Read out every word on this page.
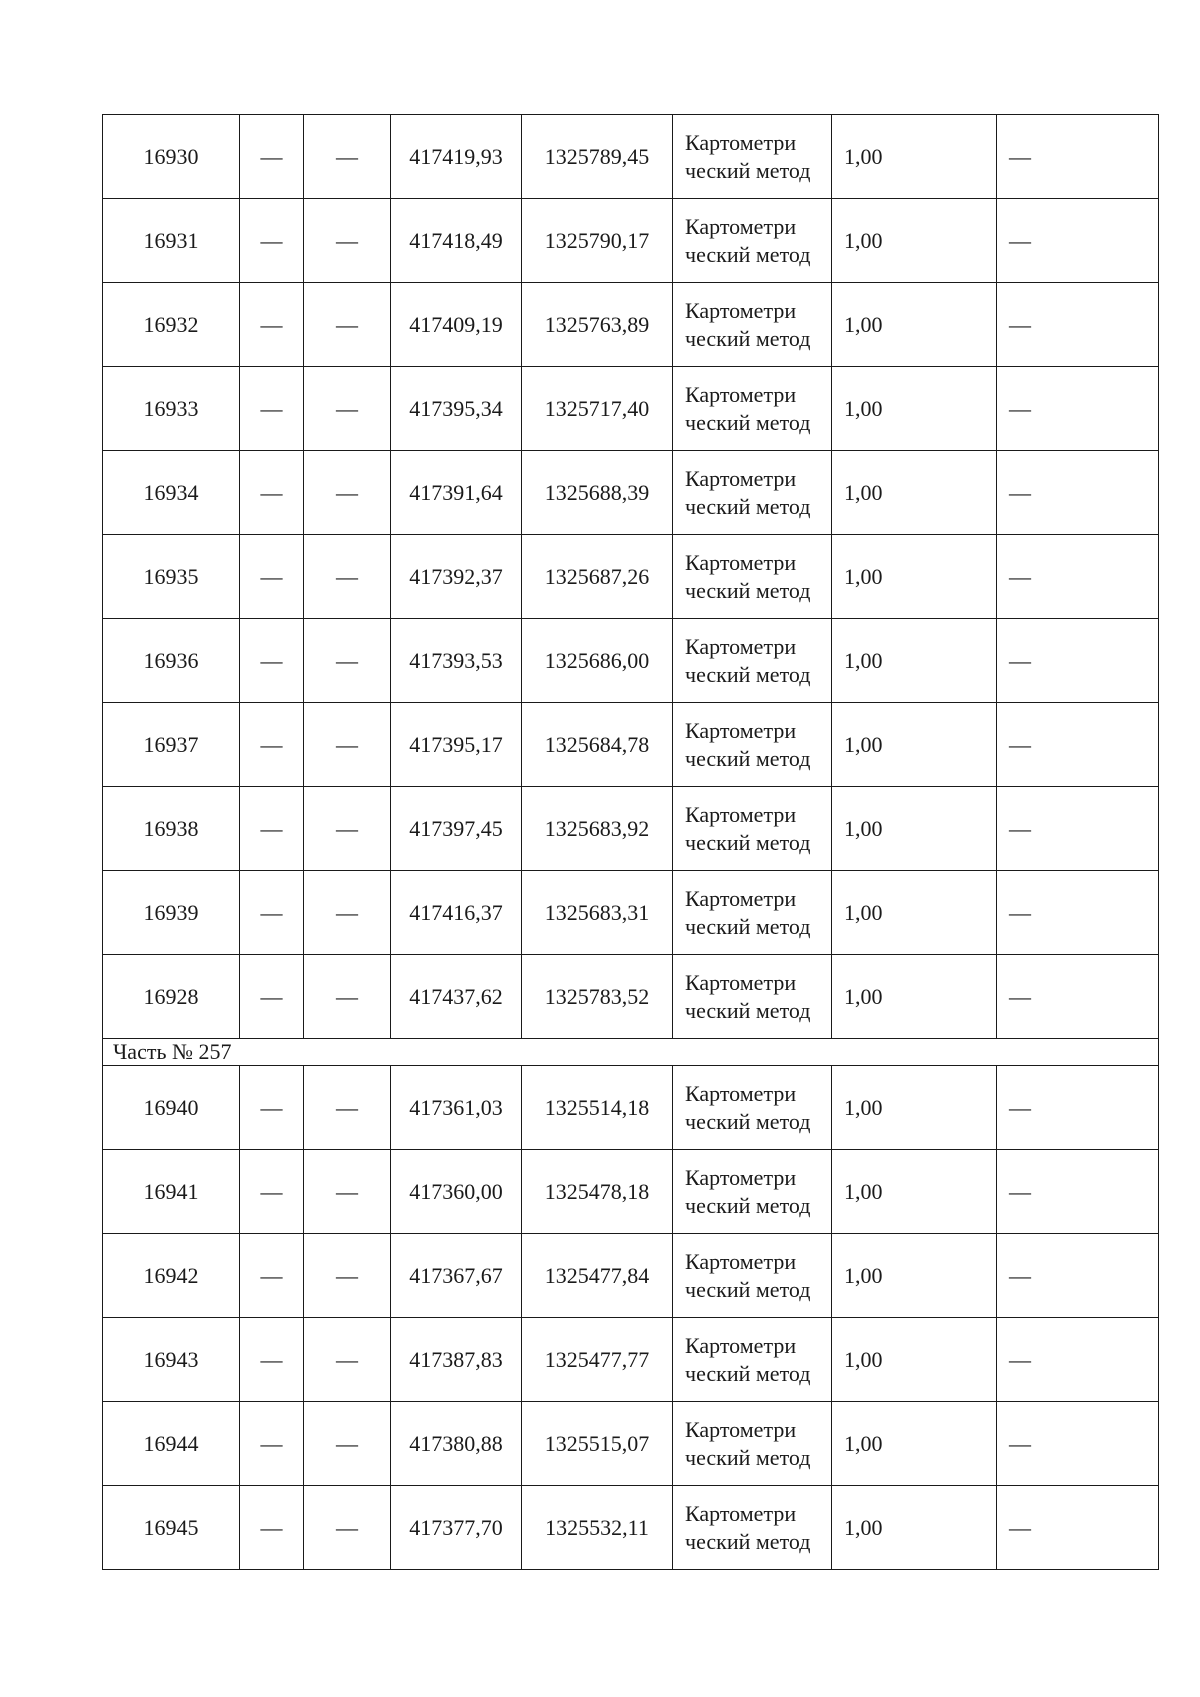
16930	—	—	417419,93	1325789,45	Картометри ческий метод	1,00	—
16931	—	—	417418,49	1325790,17	Картометри ческий метод	1,00	—
16932	—	—	417409,19	1325763,89	Картометри ческий метод	1,00	—
16933	—	—	417395,34	1325717,40	Картометри ческий метод	1,00	—
16934	—	—	417391,64	1325688,39	Картометри ческий метод	1,00	—
16935	—	—	417392,37	1325687,26	Картометри ческий метод	1,00	—
16936	—	—	417393,53	1325686,00	Картометри ческий метод	1,00	—
16937	—	—	417395,17	1325684,78	Картометри ческий метод	1,00	—
16938	—	—	417397,45	1325683,92	Картометри ческий метод	1,00	—
16939	—	—	417416,37	1325683,31	Картометри ческий метод	1,00	—
16928	—	—	417437,62	1325783,52	Картометри ческий метод	1,00	—
Часть № 257							
16940	—	—	417361,03	1325514,18	Картометри ческий метод	1,00	—
16941	—	—	417360,00	1325478,18	Картометри ческий метод	1,00	—
16942	—	—	417367,67	1325477,84	Картометри ческий метод	1,00	—
16943	—	—	417387,83	1325477,77	Картометри ческий метод	1,00	—
16944	—	—	417380,88	1325515,07	Картометри ческий метод	1,00	—
16945	—	—	417377,70	1325532,11	Картометри ческий метод	1,00	—
